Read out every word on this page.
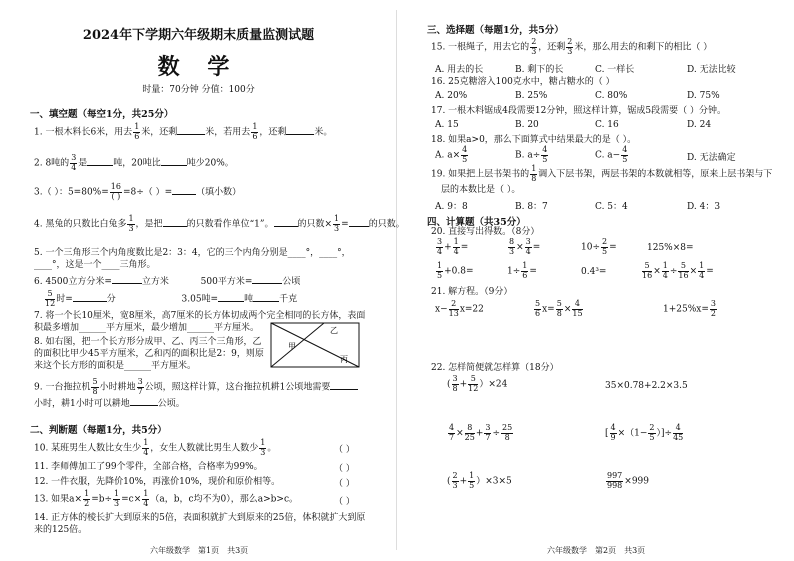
2024年下学期六年级期末质量监测试题
数 学
时量：70分钟 分值：100分
一、填空题（每空1分，共25分）
1. 一根木料长6米，用去 $\frac{1}{6}$ 米，还剩	米，若用去 $\frac{1}{6}$ ，还剩	米。
2. 8吨的 $\frac{3}{4}$ 是	吨，20吨比	吨少20%。
3.（ ）：5=80%=
16
( ) =8÷（ ）=	（填小数）
4. 黑兔的只数比白兔多 $\frac{1}{3}$ ，是把	的只数看作单位“1”。	的只数× $\frac{1}{3}$ = 的只数。
5. 一个三角形三个内角度数比是2：3：4，它的三个内角分别是____°，____°，____°，这是一个____三角形。
6. 4500立方分米=	立方米	500平方米=	公顷
$\frac{5}{12}$ 时=	分	3.05吨=	吨	千克
7. 将一个长10厘米，宽8厘米，高7厘米的长方体切成两个完全相同的长方体，表面积最多增加______平方厘米，最少增加______平方厘米。
8. 如右图，把一个长方形分成甲、乙、丙三个三角形，乙的面积比甲少45平方厘米，乙和丙的面积比是2：9，则原来这个长方形的面积是______平方厘米。
甲
乙
丙
9. 一台拖拉机 $\frac{5}{8}$ 小时耕地 $\frac{3}{7}$ 公顷，照这样计算，这台拖拉机耕1公顷地需要小时，耕1小时可以耕地	公顷。
二、判断题（每题1分，共5分）
10. 某班男生人数比女生少 $\frac{1}{4}$ ，女生人数就比男生人数少 $\frac{1}{3}$ 。	（ ）
11. 李师傅加工了99个零件，全部合格，合格率为99%。	（ ）
12. 一件衣服，先降价10%，再涨价10%，现价和原价相等。	（ ）
13. 如果$a\times \frac{1}{2} =b\div \frac{1}{3} =c\times \frac{1}{4} (a$，b，c均不为0），那么a>b>c。	（ ）
14. 正方体的棱长扩大到原来的5倍，表面积就扩大到原来的25倍，体积就扩大到原来的125倍。
六年级数学　第1页　共3页
三、选择题（每题1分，共5分）
15. 一根绳子，用去它的 $\frac{2}{3}$ ，还剩 $\frac{2}{3}$ 米，那么用去的和剩下的相比（ ）
A. 用去的长	B. 剩下的长	C. 一样长	D. 无法比较
16. 25克糖溶入100克水中，糖占糖水的（ ）
A. 20%	B. 25%	C. 80%	D. 75%
17. 一根木料锯成4段需要12分钟，照这样计算，锯成5段需要（ ）分钟。
A. 15	B. 20	C. 16	D. 24
18. 如果a>0，那么下面算式中结果最大的是（ ）。
A. $a\times \frac{4}{5}$	B. $a\div \frac{4}{5}$	C. $a- \frac{4}{5}$	D. 无法确定
19. 如果把上层书架书的 $\frac{1}{8}$ 调入下层书架，两层书架的本数就相等，原来上层书架与下
层的本数比是（ ）。
A. 9：8	B. 8：7	C. 5：4	D. 4：3
四、计算题（共35分）
20. 直接写出得数。（8分）
$\frac{3}{4} + \frac{1}{4}$ =	$\frac{8}{3} \times \frac{3}{4}$ =	$10\div \frac{2}{5}$ =	125%×8=
$\frac{1}{5} +0.8=$	$1\div \frac{1}{6}$ =	0.4³=	$\frac{5}{16} \times \frac{1}{4} \div \frac{5}{16} \times \frac{1}{4}$ =
21. 解方程。（9分）
$x- \frac{2}{13} x=22$	$\frac{5}{6} x= \frac{5}{8} \times \frac{4}{15}$	$1+25\%x= \frac{3}{2}$
22. 怎样简便就怎样算（18分）
( $\frac{3}{8} + \frac{5}{12} )\times 24$	35×0.78+2.2×3.5
$\frac{4}{7} \times \frac{8}{25} + \frac{3}{7} \div \frac{25}{8}$	[ $\frac{4}{9} \times(1- \frac{2}{5}$ ）]÷ $\frac{4}{45}$
( $\frac{2}{3} + \frac{1}{5} )\times 3\times 5$	$\frac{997}{998} \times 999$
六年级数学　第2页　共3页
